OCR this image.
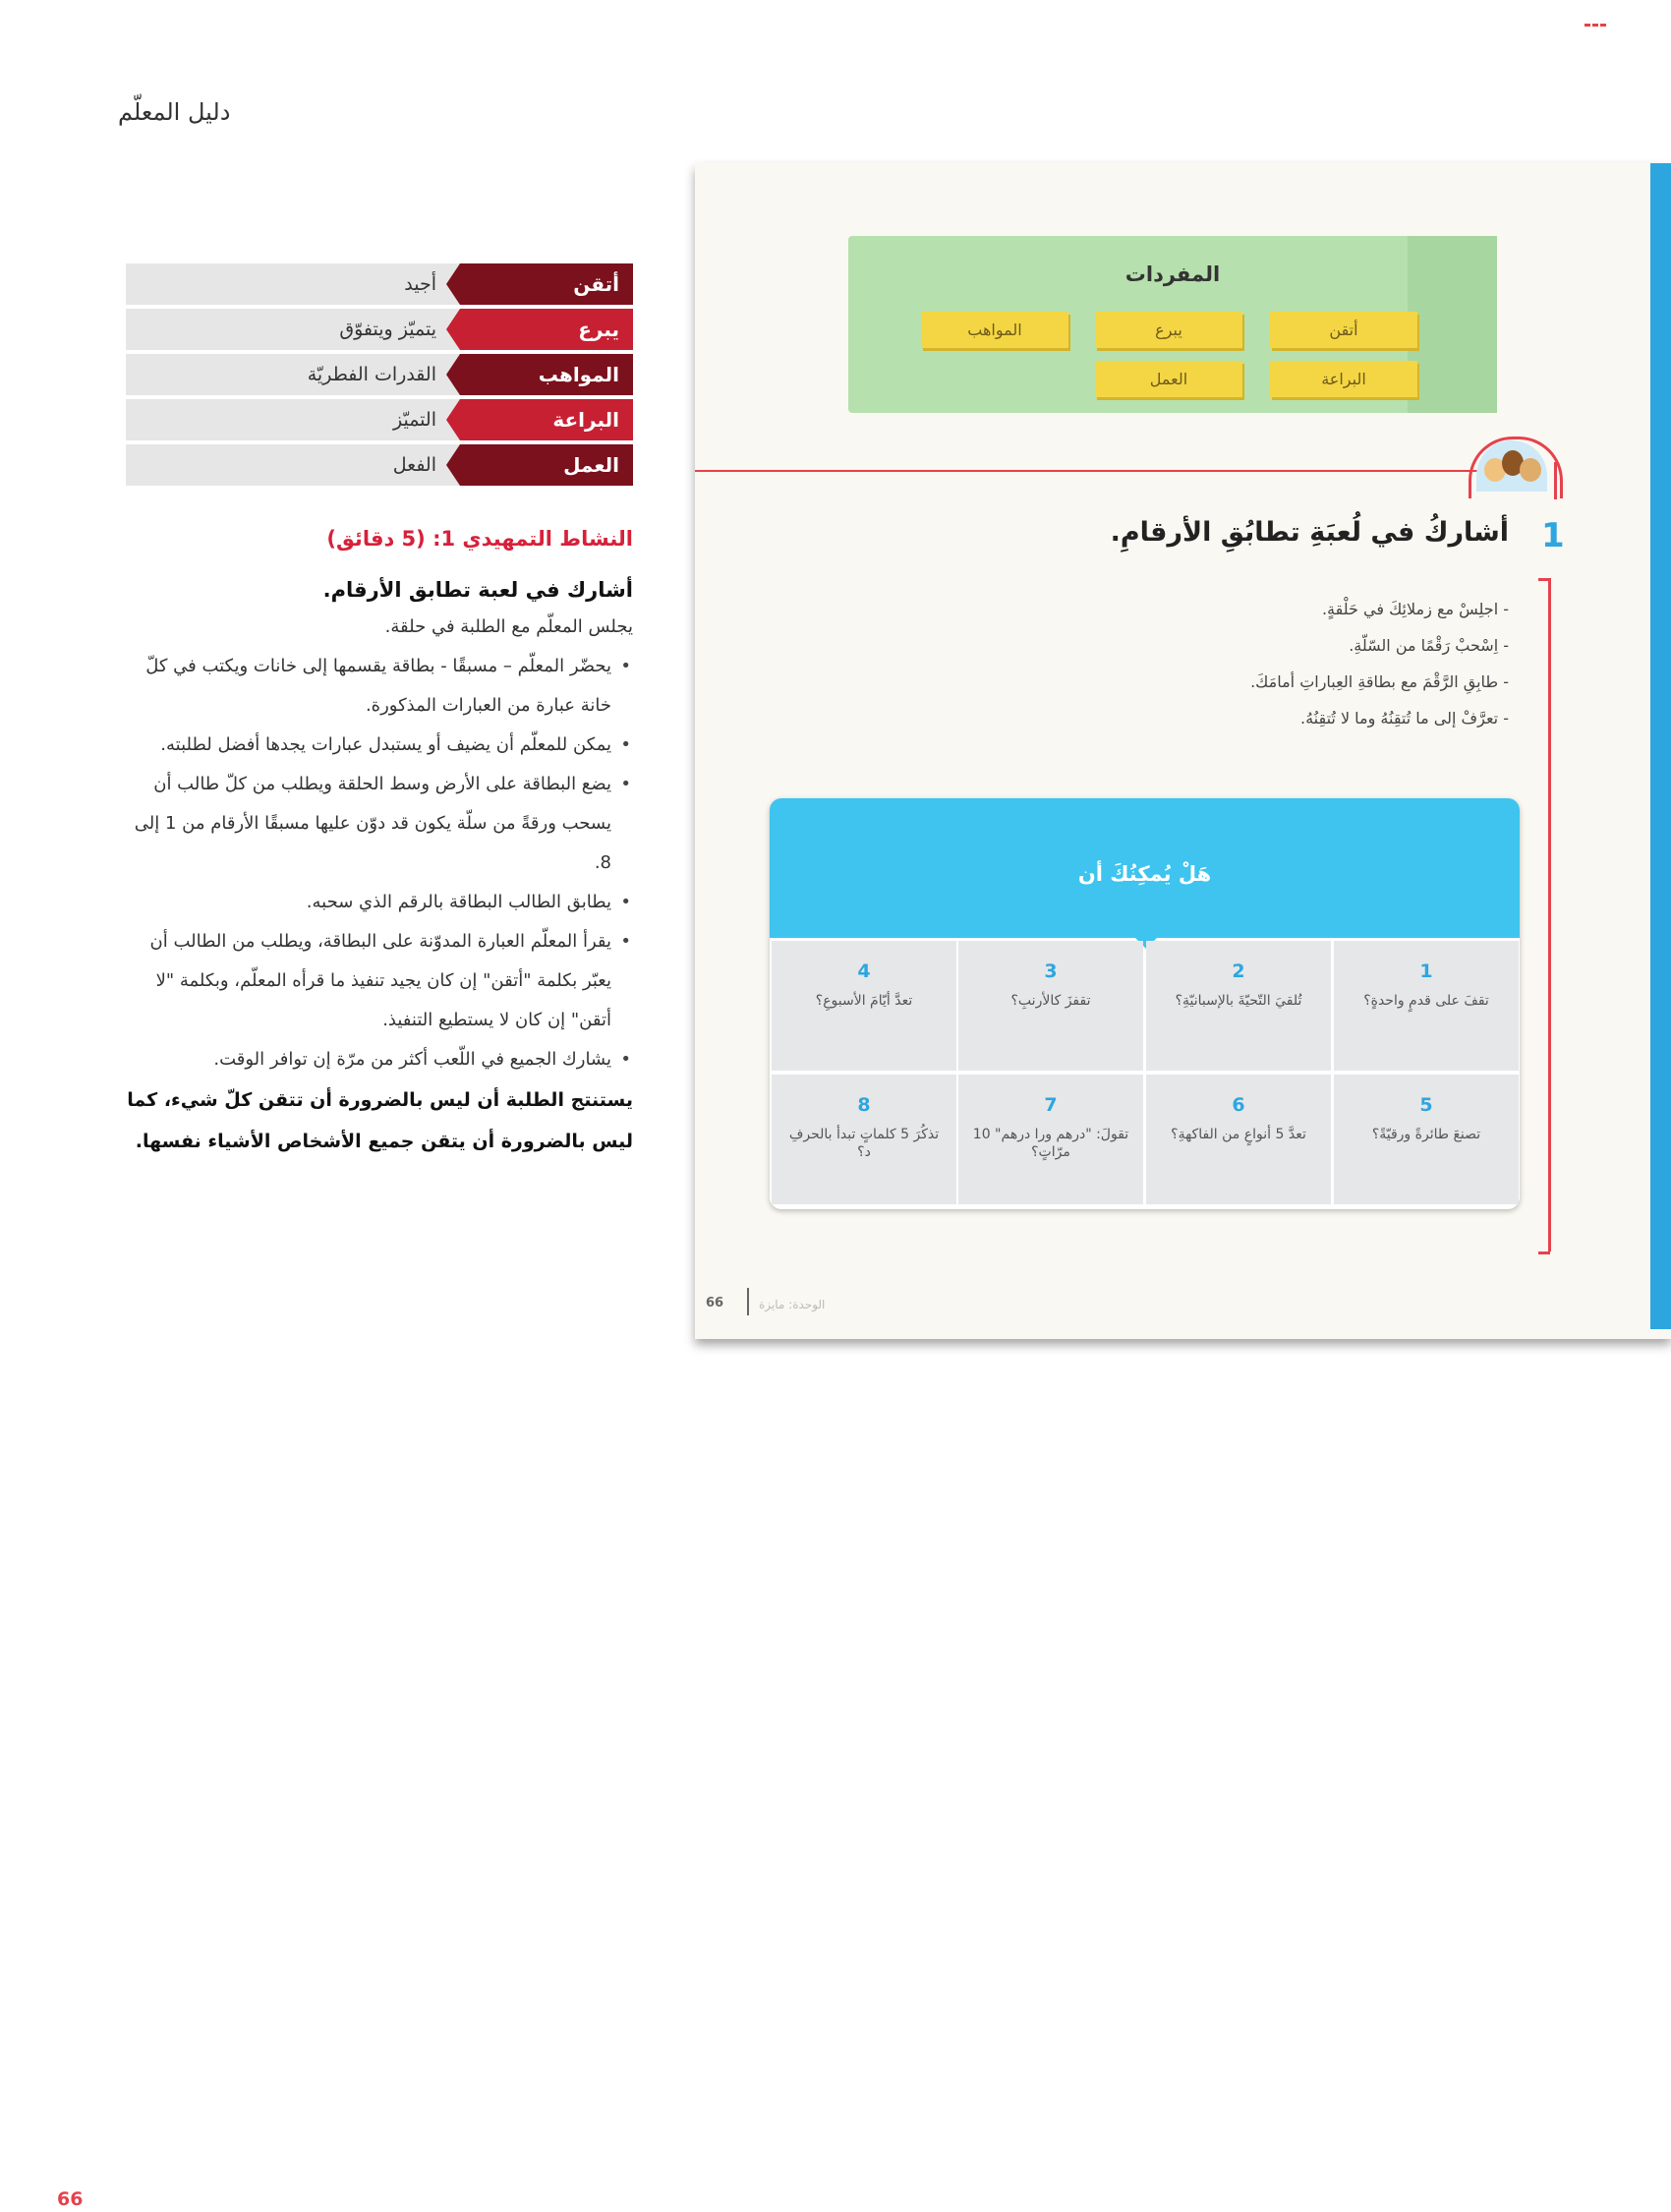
دليل المعلّم
أتقن
أجيد
يبرع
يتميّز ويتفوّق
المواهب
القدرات الفطريّة
البراعة
التميّز
العمل
الفعل
النشاط التمهيدي 1: (5 دقائق)
أشارك في لعبة تطابق الأرقام.
يجلس المعلّم مع الطلبة في حلقة.
• يحضّر المعلّم – مسبقًا - بطاقة يقسمها إلى خانات ويكتب في كلّ خانة عبارة من العبارات المذكورة.
• يمكن للمعلّم أن يضيف أو يستبدل عبارات يجدها أفضل لطلبته.
• يضع البطاقة على الأرض وسط الحلقة ويطلب من كلّ طالب أن يسحب ورقةً من سلّة يكون قد دوّن عليها مسبقًا الأرقام من 1 إلى 8.
• يطابق الطالب البطاقة بالرقم الذي سحبه.
• يقرأ المعلّم العبارة المدوّنة على البطاقة، ويطلب من الطالب أن يعبّر بكلمة "أتقن" إن كان يجيد تنفيذ ما قرأه المعلّم، وبكلمة "لا أتقن" إن كان لا يستطيع التنفيذ.
• يشارك الجميع في اللّعب أكثر من مرّة إن توافر الوقت.
يستنتج الطلبة أن ليس بالضرورة أن تتقن كلّ شيء، كما ليس بالضرورة أن يتقن جميع الأشخاص الأشياء نفسها.
المفردات
أتقن
يبرع
المواهب
البراعة
العمل
1
أشاركُ في لُعبَةِ تطابُقِ الأرقامِ.
- اجلِسْ مع زملائِكَ في حَلْقةٍ.
- اِسْحبْ رَقْمًا من السّلّةِ.
- طابِقِ الرَّقْمَ مع بطاقةِ العِباراتِ أمامَكَ.
- تعرَّفْ إلى ما تُتقِنُهُ وما لا تُتقِنُهُ.
هَلْ يُمكِنُكَ أن
1
تقفَ على قدمٍ واحدةٍ؟
2
تُلقيَ التّحيّةَ بالإسبانيّةِ؟
3
تقفزَ كالأرنبِ؟
4
تعدَّ أيّامَ الأسبوعِ؟
5
تصنعَ طائرةً ورقيّةً؟
6
تعدَّ 5 أنواعٍ من الفاكهةِ؟
7
تقولَ: "درهم ورا درهم" 10 مرّاتٍ؟
8
تذكُرَ 5 كلماتٍ تبدأ بالحرفِ د؟
66	الوحدة: مايزة
66
